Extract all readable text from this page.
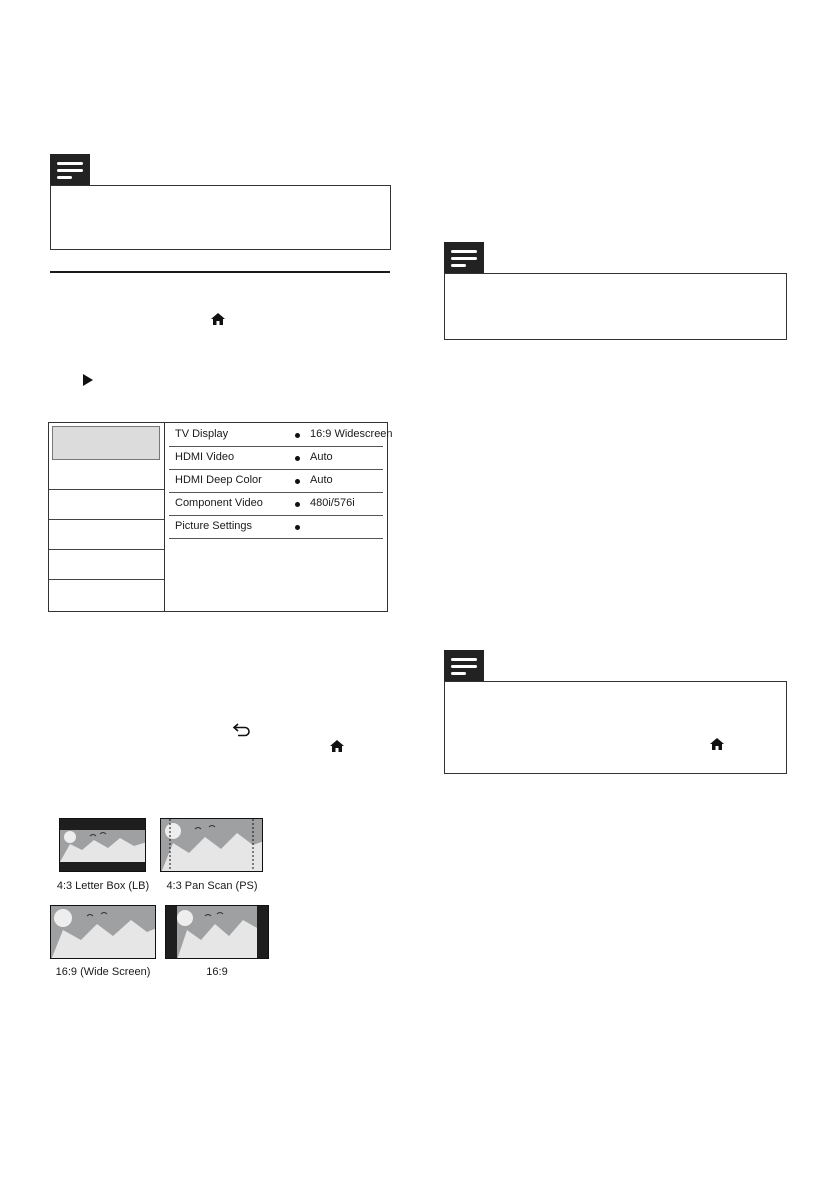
TV Display	16:9 Widescreen
HDMI Video	Auto
HDMI Deep Color	Auto
Component Video	480i/576i
Picture Settings
4:3 Letter Box (LB)	4:3 Pan Scan (PS)
16:9 (Wide Screen)	16:9
